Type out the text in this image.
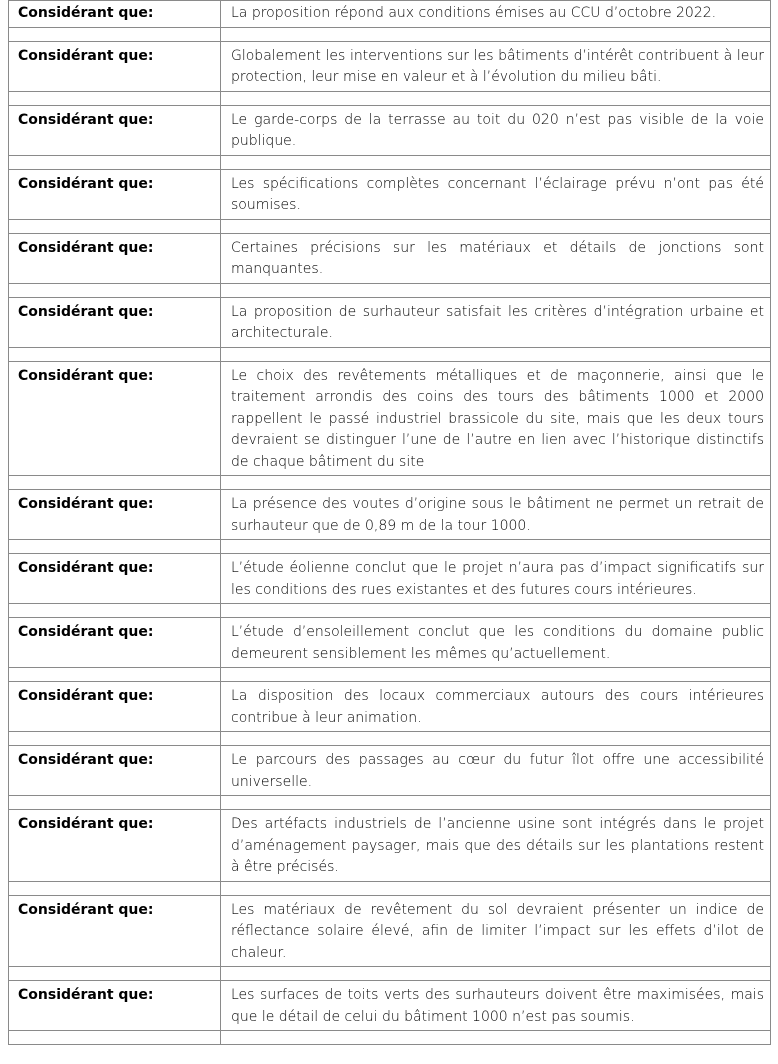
Considérant que:	La proposition répond aux conditions émises au CCU d’octobre 2022.

Considérant que:	Globalement les interventions sur les bâtiments d’intérêt contribuent à leur protection, leur mise en valeur et à l’évolution du milieu bâti.

Considérant que:	Le garde-corps de la terrasse au toit du 020 n’est pas visible de la voie publique.

Considérant que:	Les spécifications complètes concernant l’éclairage prévu n’ont pas été soumises.

Considérant que:	Certaines précisions sur les matériaux et détails de jonctions sont manquantes.

Considérant que:	La proposition de surhauteur satisfait les critères d’intégration urbaine et architecturale.

Considérant que:	Le choix des revêtements métalliques et de maçonnerie, ainsi que le traitement arrondis des coins des tours des bâtiments 1000 et 2000 rappellent le passé industriel brassicole du site, mais que les deux tours devraient se distinguer l’une de l’autre en lien avec l’historique distinctifs de chaque bâtiment du site

Considérant que:	La présence des voutes d’origine sous le bâtiment ne permet un retrait de surhauteur que de 0,89 m de la tour 1000.

Considérant que:	L’étude éolienne conclut que le projet n’aura pas d’impact significatifs sur les conditions des rues existantes et des futures cours intérieures.

Considérant que:	L’étude d’ensoleillement conclut que les conditions du domaine public demeurent sensiblement les mêmes qu’actuellement.

Considérant que:	La disposition des locaux commerciaux autours des cours intérieures contribue à leur animation.

Considérant que:	Le parcours des passages au cœur du futur îlot offre une accessibilité universelle.

Considérant que:	Des artéfacts industriels de l’ancienne usine sont intégrés dans le projet d’aménagement paysager, mais que des détails sur les plantations restent à être précisés.

Considérant que:	Les matériaux de revêtement du sol devraient présenter un indice de réflectance solaire élevé, afin de limiter l’impact sur les effets d’ilot de chaleur.

Considérant que:	Les surfaces de toits verts des surhauteurs doivent être maximisées, mais que le détail de celui du bâtiment 1000 n’est pas soumis.
